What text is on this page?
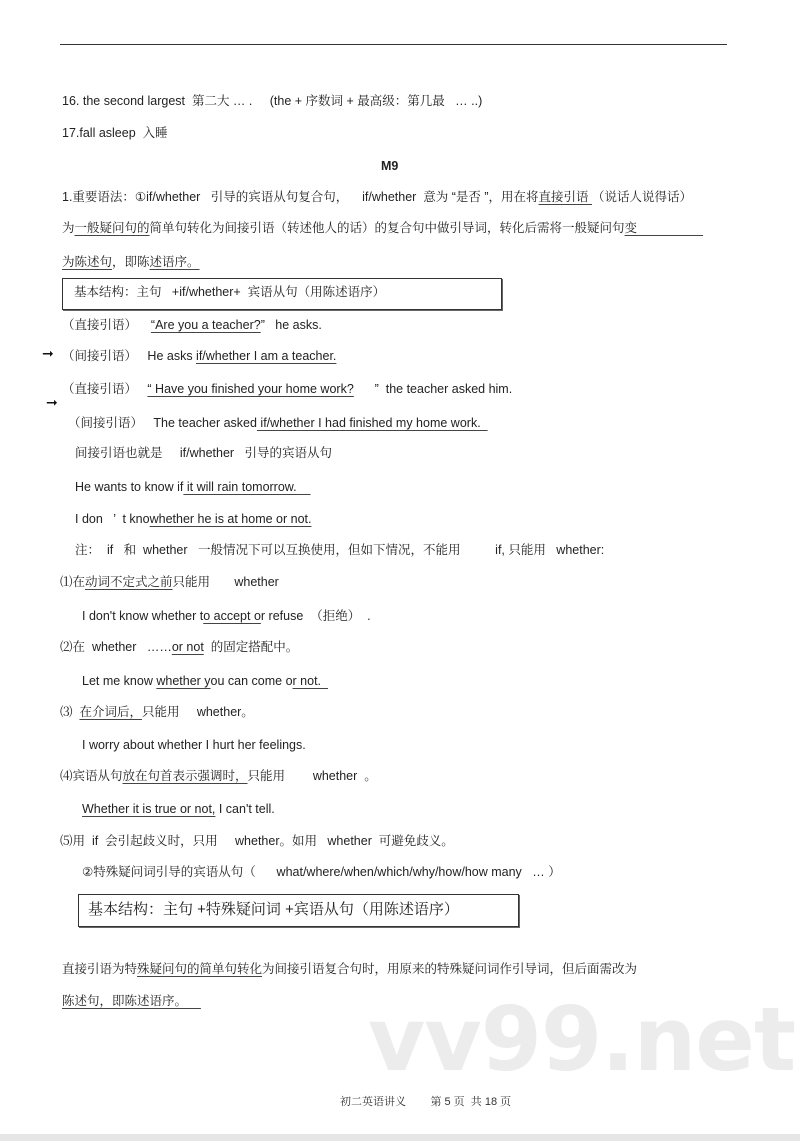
➞
➞
16. the second largest  第二大 … .     (the + 序数词 + 最高级：第几最   … ..)
17.fall asleep  入睡
M9
1.重要语法：①if/whether   引导的宾语从句复合句，    if/whether  意为 “是否 ”，用在将直接引语 （说话人说得话）
为一般疑问句的简单句转化为间接引语（转述他人的话）的复合句中做引导词，转化后需将一般疑问句变
为陈述句，即陈述语序。
基本结构：主句   +if/whether+  宾语从句（用陈述语序）
（直接引语）    “Are you a teacher?”   he asks.
（间接引语）   He asks if/whether I am a teacher.
（直接引语）   “ Have you finished your home work?      ”  the teacher asked him.
（间接引语）   The teacher asked if/whether I had finished my home work.
间接引语也就是     if/whether   引导的宾语从句
He wants to know if it will rain tomorrow.
I don   ’  t knowhether he is at home or not.
注：  if   和  whether   一般情况下可以互换使用，但如下情况，不能用          if, 只能用   whether:
⑴在动词不定式之前只能用       whether
I don't know whether to accept or refuse  （拒绝）  .
⑵在  whether   ……or not  的固定搭配中。
Let me know whether you can come or not.
⑶  在介词后，只能用     whether。
I worry about whether I hurt her feelings.
⑷宾语从句放在句首表示强调时，只能用        whether  。
Whether it is true or not, I can't tell.
⑸用  if  会引起歧义时，只用     whether。如用   whether  可避免歧义。
②特殊疑问词引导的宾语从句（      what/where/when/which/why/how/how many   … ）
基本结构：主句 +特殊疑问词 +宾语从句（用陈述语序）
直接引语为特殊疑问句的简单句转化为间接引语复合句时，用原来的特殊疑问词作引导词，但后面需改为
陈述句，即陈述语序。 vv99.net
初二英语讲义 第 5 页  共 18 页
